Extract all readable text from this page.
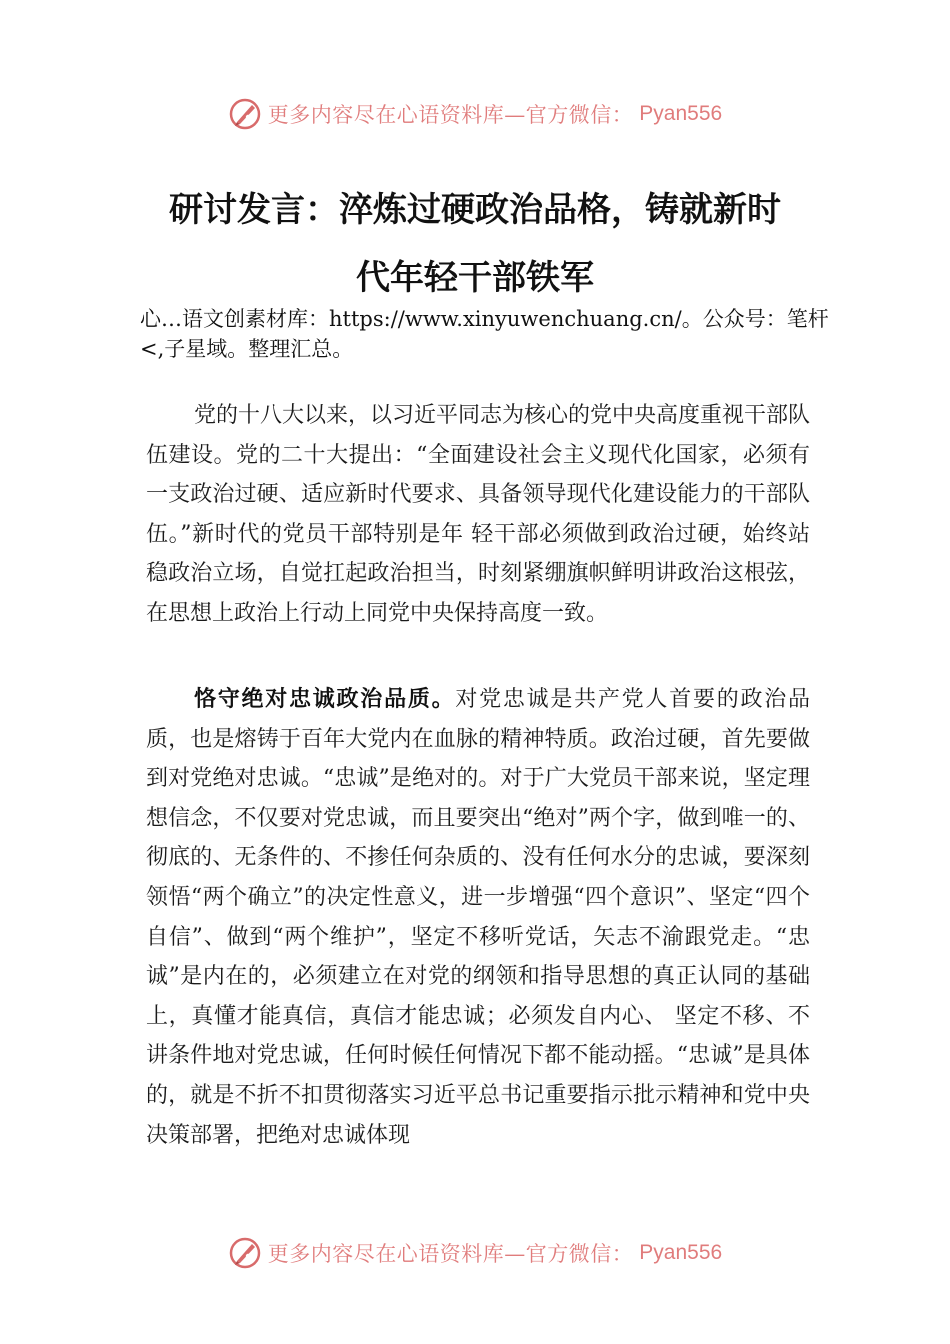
更多内容尽在心语资料库—官方微信： Pyan556
研讨发言：淬炼过硬政治品格，铸就新时
代年轻干部铁军

心…语文创素材库：https://www.xinyuwenchuang.cn/。公众号：笔杆<,子星域。整理汇总。

党的十八大以来，以习近平同志为核心的党中央高度重视干部队伍建设。党的二十大提出：“全面建设社会主义现代化国家，必须有一支政治过硬、适应新时代要求、具备领导现代化建设能力的干部队伍。”新时代的党员干部特别是年 轻干部必须做到政治过硬，始终站稳政治立场，自觉扛起政治担当，时刻紧绷旗帜鲜明讲政治这根弦，在思想上政治上行动上同党中央保持高度一致。

恪守绝对忠诚政治品质。对党忠诚是共产党人首要的政治品质，也是熔铸于百年大党内在血脉的精神特质。政治过硬，首先要做到对党绝对忠诚。“忠诚”是绝对的。对于广大党员干部来说，坚定理想信念，不仅要对党忠诚，而且要突出“绝对”两个字，做到唯一的、彻底的、无条件的、不掺任何杂质的、没有任何水分的忠诚，要深刻领悟“两个确立”的决定性意义，进一步增强“四个意识”、坚定“四个自信”、做到“两个维护”，坚定不移听党话，矢志不渝跟党走。“忠诚”是内在的，必须建立在对党的纲领和指导思想的真正认同的基础上，真懂才能真信，真信才能忠诚；必须发自内心、 坚定不移、不讲条件地对党忠诚，任何时候任何情况下都不能动摇。“忠诚”是具体的，就是不折不扣贯彻落实习近平总书记重要指示批示精神和党中央决策部署，把绝对忠诚体现

更多内容尽在心语资料库—官方微信： Pyan556
